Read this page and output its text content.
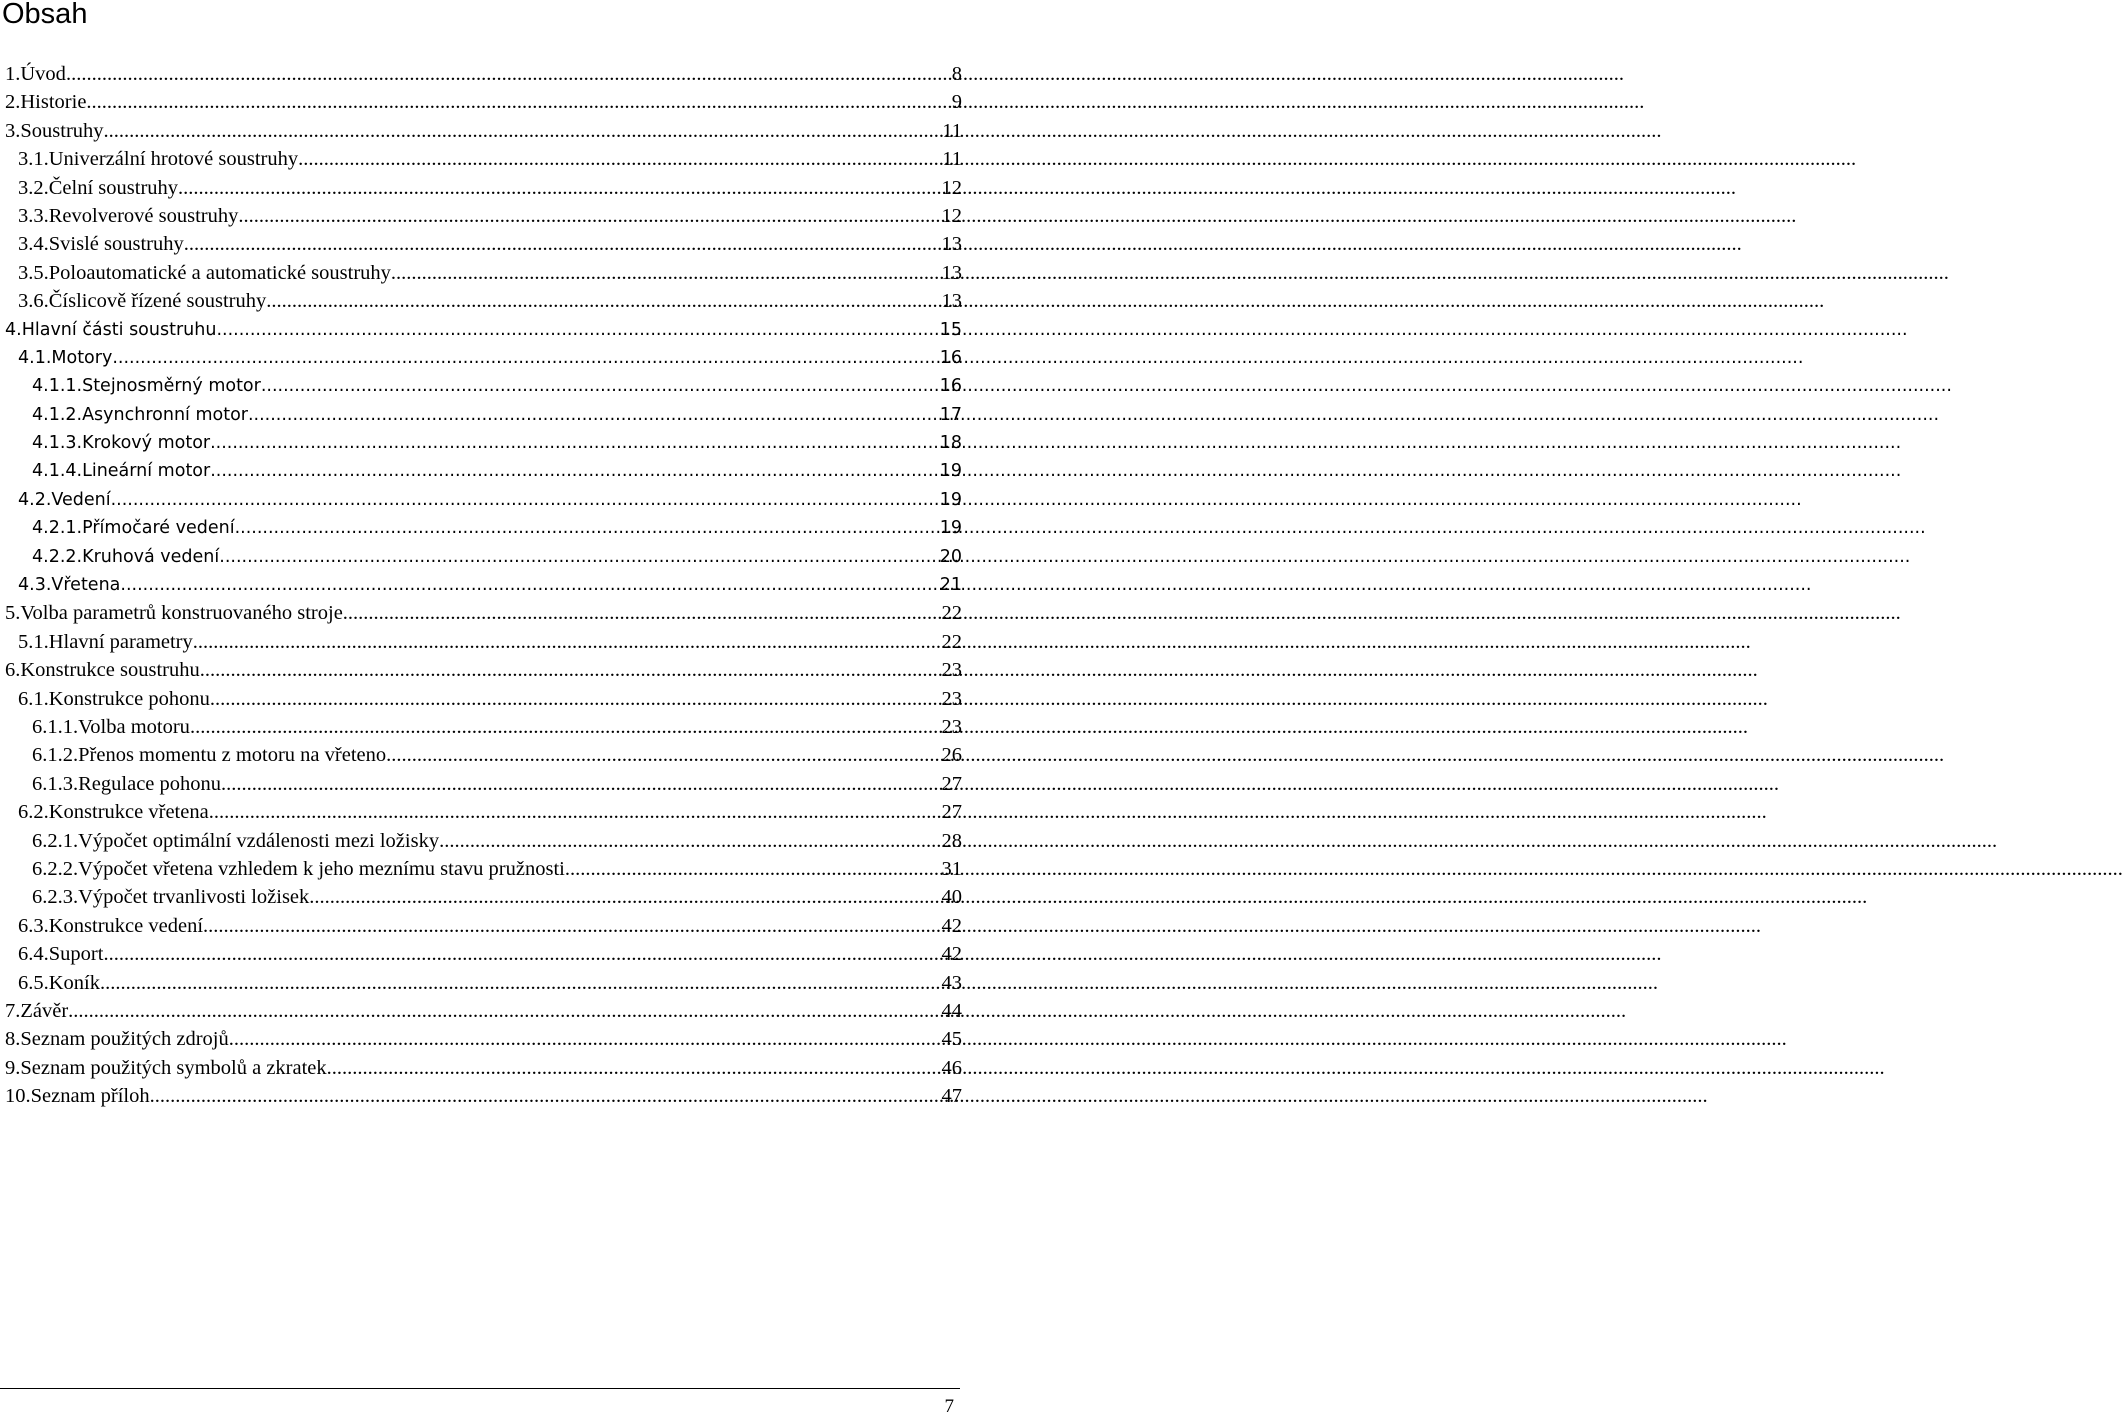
Obsah
1.Úvod .....	8
2.Historie .....	9
3.Soustruhy .....	11
3.1.Univerzální hrotové soustruhy .....	11
3.2.Čelní soustruhy .....	12
3.3.Revolverové soustruhy .....	12
3.4.Svislé soustruhy .....	13
3.5.Poloautomatické a automatické soustruhy .....	13
3.6.Číslicově řízené soustruhy .....	13
4.Hlavní části soustruhu .....	15
4.1.Motory .....	16
4.1.1.Stejnosměrný motor .....	16
4.1.2.Asynchronní motor .....	17
4.1.3.Krokový motor .....	18
4.1.4.Lineární motor .....	19
4.2.Vedení .....	19
4.2.1.Přímočaré vedení .....	19
4.2.2.Kruhová vedení .....	20
4.3.Vřetena .....	21
5.Volba parametrů konstruovaného stroje .....	22
5.1.Hlavní parametry .....	22
6.Konstrukce soustruhu .....	23
6.1.Konstrukce pohonu .....	23
6.1.1.Volba motoru .....	23
6.1.2.Přenos momentu z motoru na vřeteno .....	26
6.1.3.Regulace pohonu .....	27
6.2.Konstrukce vřetena .....	27
6.2.1.Výpočet optimální vzdálenosti mezi ložisky .....	28
6.2.2.Výpočet vřetena vzhledem k jeho meznímu stavu pružnosti .....	31
6.2.3.Výpočet trvanlivosti ložisek .....	40
6.3.Konstrukce vedení .....	42
6.4.Suport .....	42
6.5.Koník .....	43
7.Závěr .....	44
8.Seznam použitých zdrojů .....	45
9.Seznam použitých symbolů a zkratek .....	46
10.Seznam příloh .....	47
7
